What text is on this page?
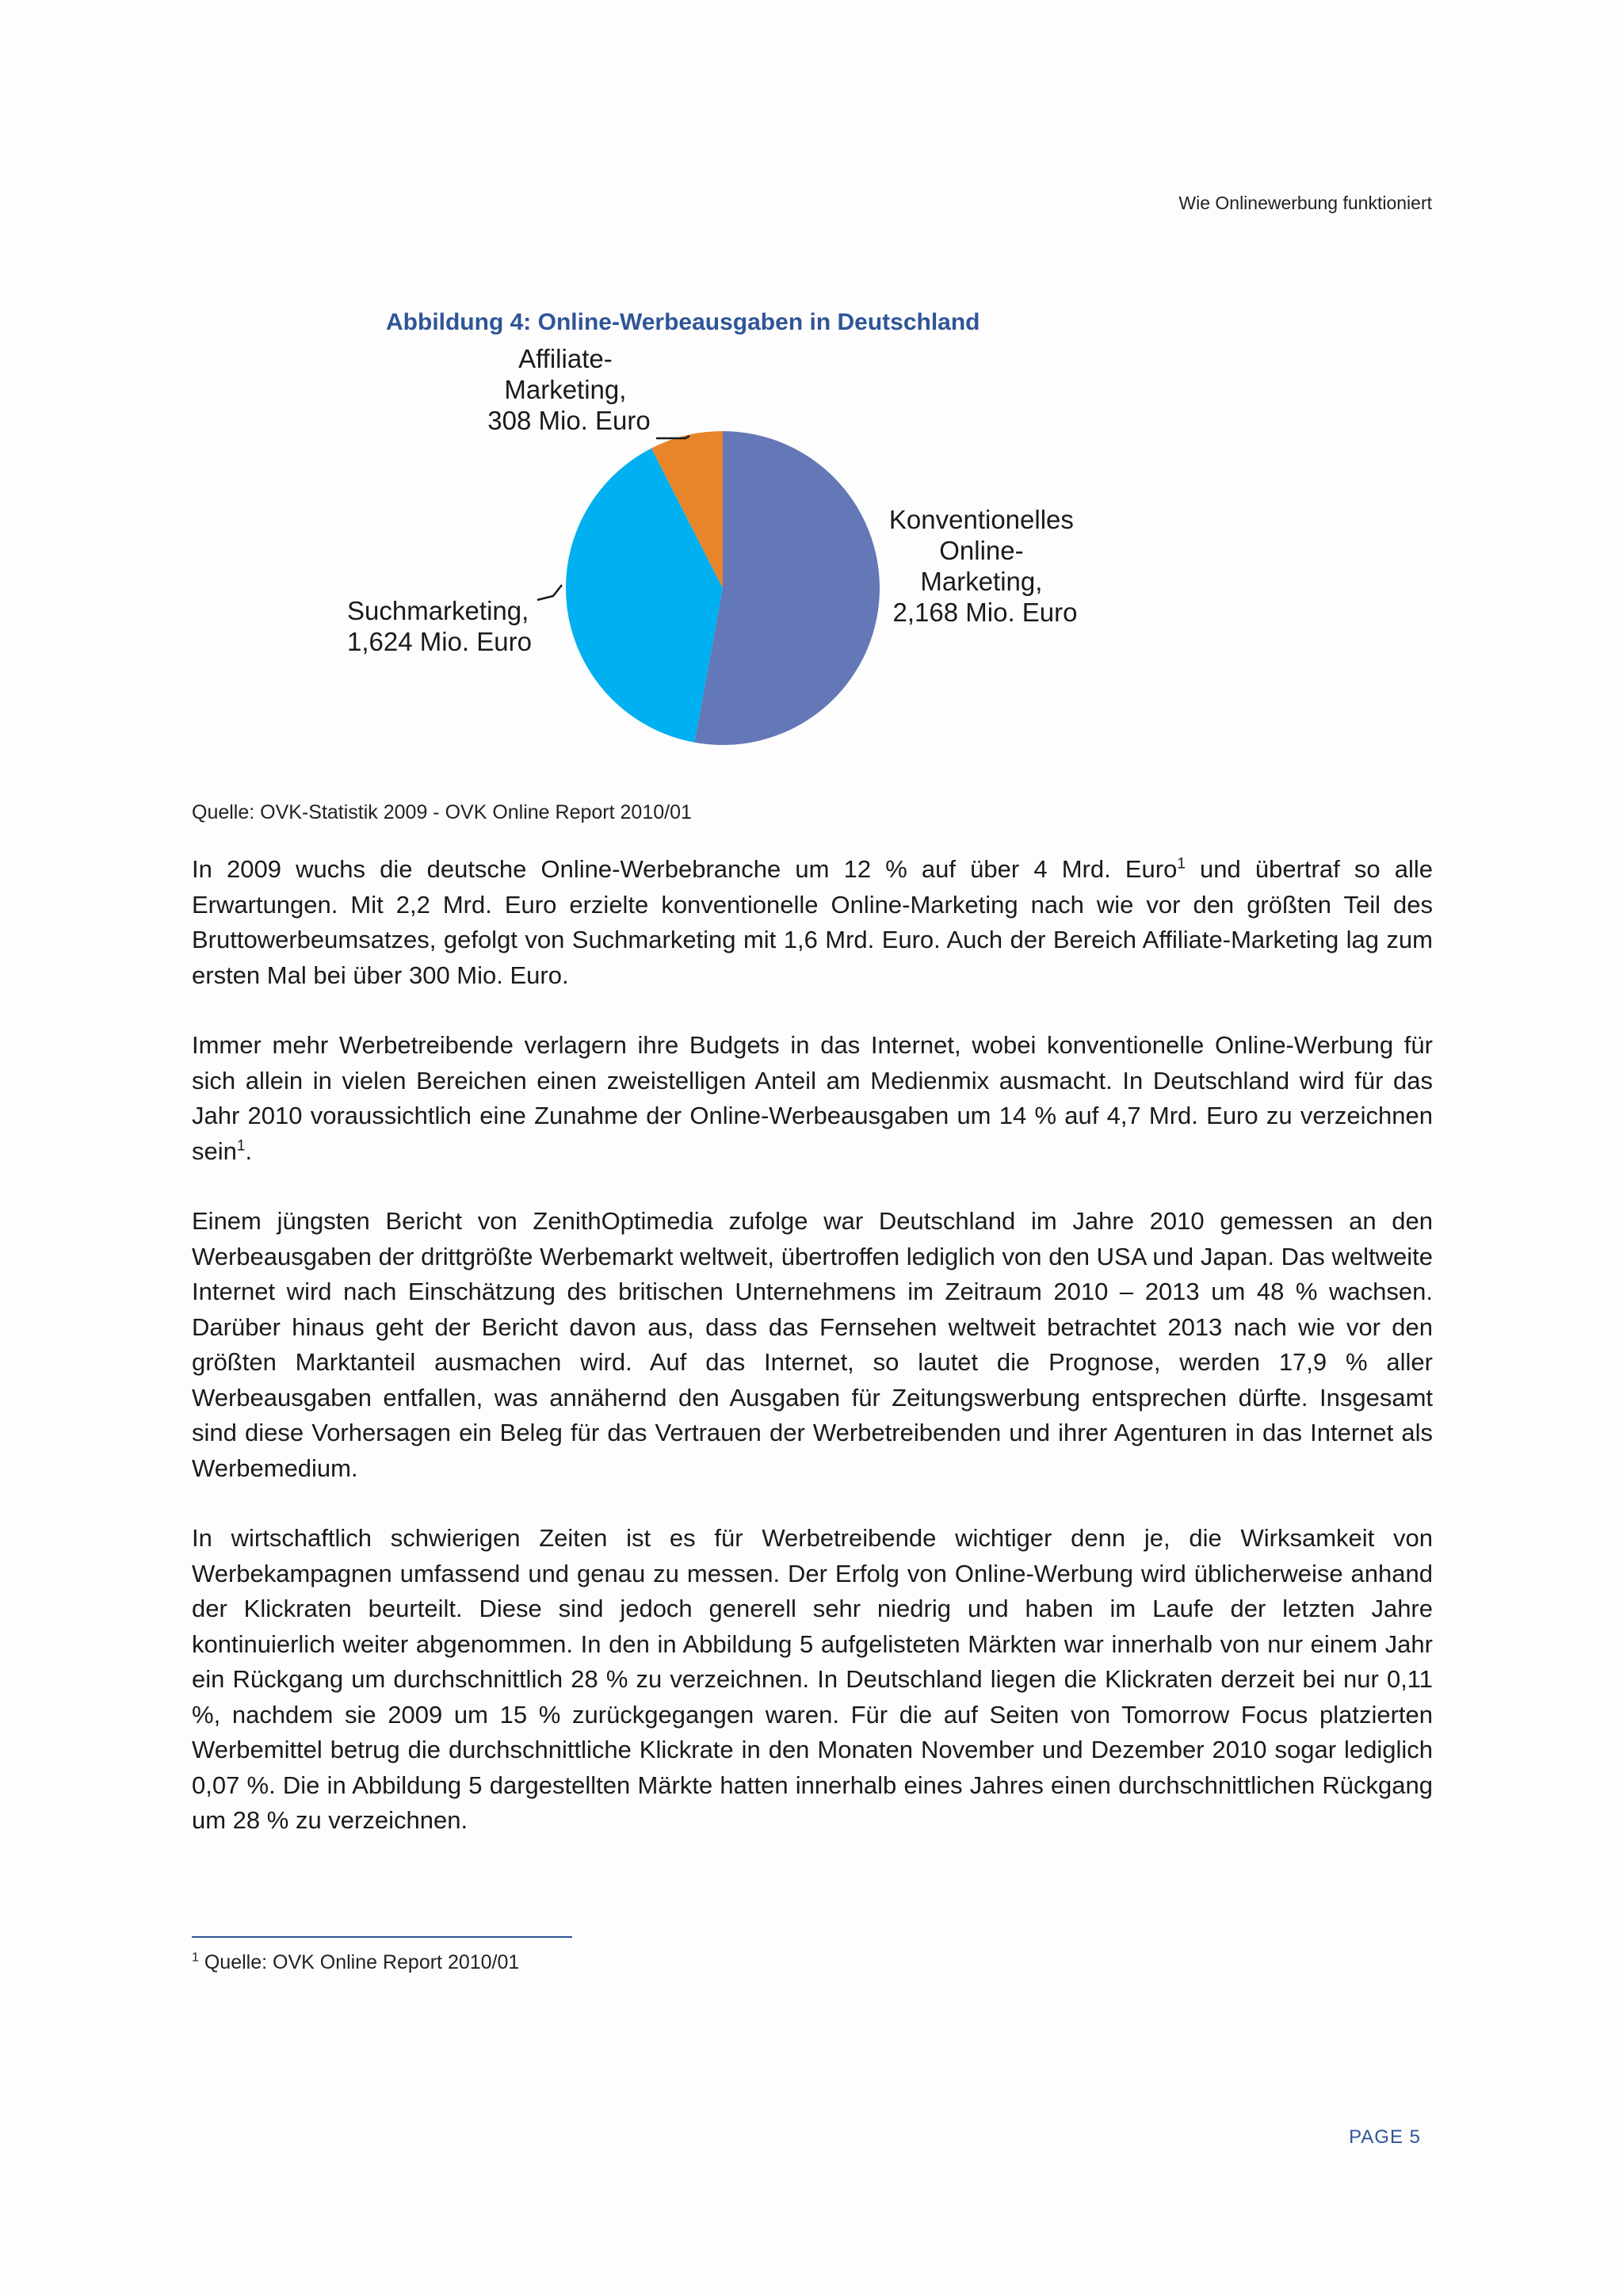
Wie Onlinewerbung funktioniert
Abbildung 4: Online-Werbeausgaben in Deutschland
Affiliate- Marketing, 308 Mio. Euro
Konventionelles Online- Marketing, 2,168 Mio. Euro
Suchmarketing, 1,624 Mio. Euro
Quelle: OVK-Statistik 2009 - OVK Online Report 2010/01

In 2009 wuchs die deutsche Online-Werbebranche um 12 % auf über 4 Mrd. Euro$^1$ und übertraf so alle Erwartungen. Mit 2,2 Mrd. Euro erzielte konventionelle Online-Marketing nach wie vor den größten Teil des Bruttowerbeumsatzes, gefolgt von Suchmarketing mit 1,6 Mrd. Euro. Auch der Bereich Affiliate-Marketing lag zum ersten Mal bei über 300 Mio. Euro.

Immer mehr Werbetreibende verlagern ihre Budgets in das Internet, wobei konventionelle Online-Werbung für sich allein in vielen Bereichen einen zweistelligen Anteil am Medienmix ausmacht. In Deutschland wird für das Jahr 2010 voraussichtlich eine Zunahme der Online-Werbeausgaben um 14 % auf 4,7 Mrd. Euro zu verzeichnen sein$^1$.

Einem jüngsten Bericht von ZenithOptimedia zufolge war Deutschland im Jahre 2010 gemessen an den Werbeausgaben der drittgrößte Werbemarkt weltweit, übertroffen lediglich von den USA und Japan. Das weltweite Internet wird nach Einschätzung des britischen Unternehmens im Zeitraum 2010 – 2013 um 48 % wachsen. Darüber hinaus geht der Bericht davon aus, dass das Fernsehen weltweit betrachtet 2013 nach wie vor den größten Marktanteil ausmachen wird. Auf das Internet, so lautet die Prognose, werden 17,9 % aller Werbeausgaben entfallen, was annähernd den Ausgaben für Zeitungswerbung entsprechen dürfte. Insgesamt sind diese Vorhersagen ein Beleg für das Vertrauen der Werbetreibenden und ihrer Agenturen in das Internet als Werbemedium.

In wirtschaftlich schwierigen Zeiten ist es für Werbetreibende wichtiger denn je, die Wirksamkeit von Werbekampagnen umfassend und genau zu messen. Der Erfolg von Online-Werbung wird üblicherweise anhand der Klickraten beurteilt. Diese sind jedoch generell sehr niedrig und haben im Laufe der letzten Jahre kontinuierlich weiter abgenommen. In den in Abbildung 5 aufgelisteten Märkten war innerhalb von nur einem Jahr ein Rückgang um durchschnittlich 28 % zu verzeichnen. In Deutschland liegen die Klickraten derzeit bei nur 0,11 %, nachdem sie 2009 um 15 % zurückgegangen waren. Für die auf Seiten von Tomorrow Focus platzierten Werbemittel betrug die durchschnittliche Klickrate in den Monaten November und Dezember 2010 sogar lediglich 0,07 %. Die in Abbildung 5 dargestellten Märkte hatten innerhalb eines Jahres einen durchschnittlichen Rückgang um 28 % zu verzeichnen.

$^1$ Quelle: OVK Online Report 2010/01
PAGE 5
